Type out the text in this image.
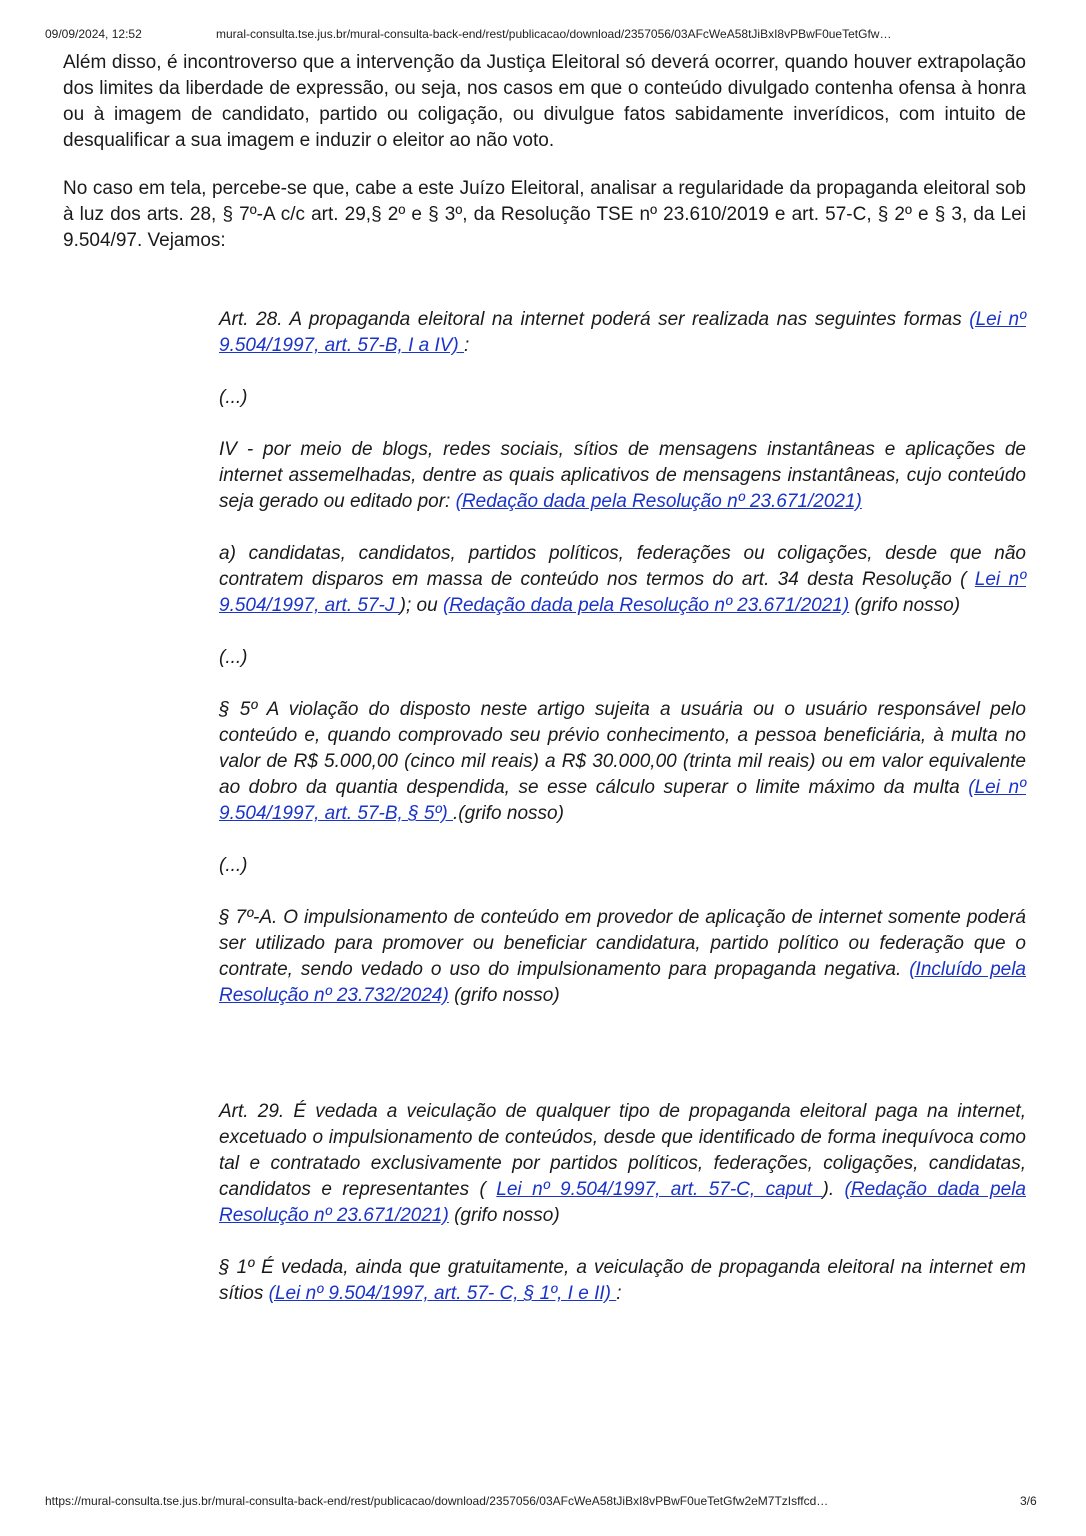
09/09/2024, 12:52	mural-consulta.tse.jus.br/mural-consulta-back-end/rest/publicacao/download/2357056/03AFcWeA58tJiBxI8vPBwF0ueTetGfw…

Além disso, é incontroverso que a intervenção da Justiça Eleitoral só deverá ocorrer, quando houver extrapolação dos limites da liberdade de expressão, ou seja, nos casos em que o conteúdo divulgado contenha ofensa à honra ou à imagem de candidato, partido ou coligação, ou divulgue fatos sabidamente inverídicos, com intuito de desqualificar a sua imagem e induzir o eleitor ao não voto.

No caso em tela, percebe-se que, cabe a este Juízo Eleitoral, analisar a regularidade da propaganda eleitoral sob à luz dos arts. 28, § 7º-A c/c art. 29,§ 2º e § 3º, da Resolução TSE nº 23.610/2019 e art. 57-C, § 2º e § 3, da Lei 9.504/97. Vejamos:

Art. 28. A propaganda eleitoral na internet poderá ser realizada nas seguintes formas (Lei nº 9.504/1997, art. 57-B, I a IV) :

(...)

IV - por meio de blogs, redes sociais, sítios de mensagens instantâneas e aplicações de internet assemelhadas, dentre as quais aplicativos de mensagens instantâneas, cujo conteúdo seja gerado ou editado por: (Redação dada pela Resolução nº 23.671/2021)

a) candidatas, candidatos, partidos políticos, federações ou coligações, desde que não contratem disparos em massa de conteúdo nos termos do art. 34 desta Resolução ( Lei nº 9.504/1997, art. 57-J ); ou (Redação dada pela Resolução nº 23.671/2021) (grifo nosso)

(...)

§ 5º A violação do disposto neste artigo sujeita a usuária ou o usuário responsável pelo conteúdo e, quando comprovado seu prévio conhecimento, a pessoa beneficiária, à multa no valor de R$ 5.000,00 (cinco mil reais) a R$ 30.000,00 (trinta mil reais) ou em valor equivalente ao dobro da quantia despendida, se esse cálculo superar o limite máximo da multa (Lei nº 9.504/1997, art. 57-B, § 5º) .(grifo nosso)

(...)

§ 7º-A. O impulsionamento de conteúdo em provedor de aplicação de internet somente poderá ser utilizado para promover ou beneficiar candidatura, partido político ou federação que o contrate, sendo vedado o uso do impulsionamento para propaganda negativa. (Incluído pela Resolução nº 23.732/2024) (grifo nosso)

Art. 29. É vedada a veiculação de qualquer tipo de propaganda eleitoral paga na internet, excetuado o impulsionamento de conteúdos, desde que identificado de forma inequívoca como tal e contratado exclusivamente por partidos políticos, federações, coligações, candidatas, candidatos e representantes ( Lei nº 9.504/1997, art. 57-C, caput ). (Redação dada pela Resolução nº 23.671/2021) (grifo nosso)

§ 1º É vedada, ainda que gratuitamente, a veiculação de propaganda eleitoral na internet em sítios (Lei nº 9.504/1997, art. 57- C, § 1º, I e II) :

https://mural-consulta.tse.jus.br/mural-consulta-back-end/rest/publicacao/download/2357056/03AFcWeA58tJiBxI8vPBwF0ueTetGfw2eM7TzIsffcd…	3/6
